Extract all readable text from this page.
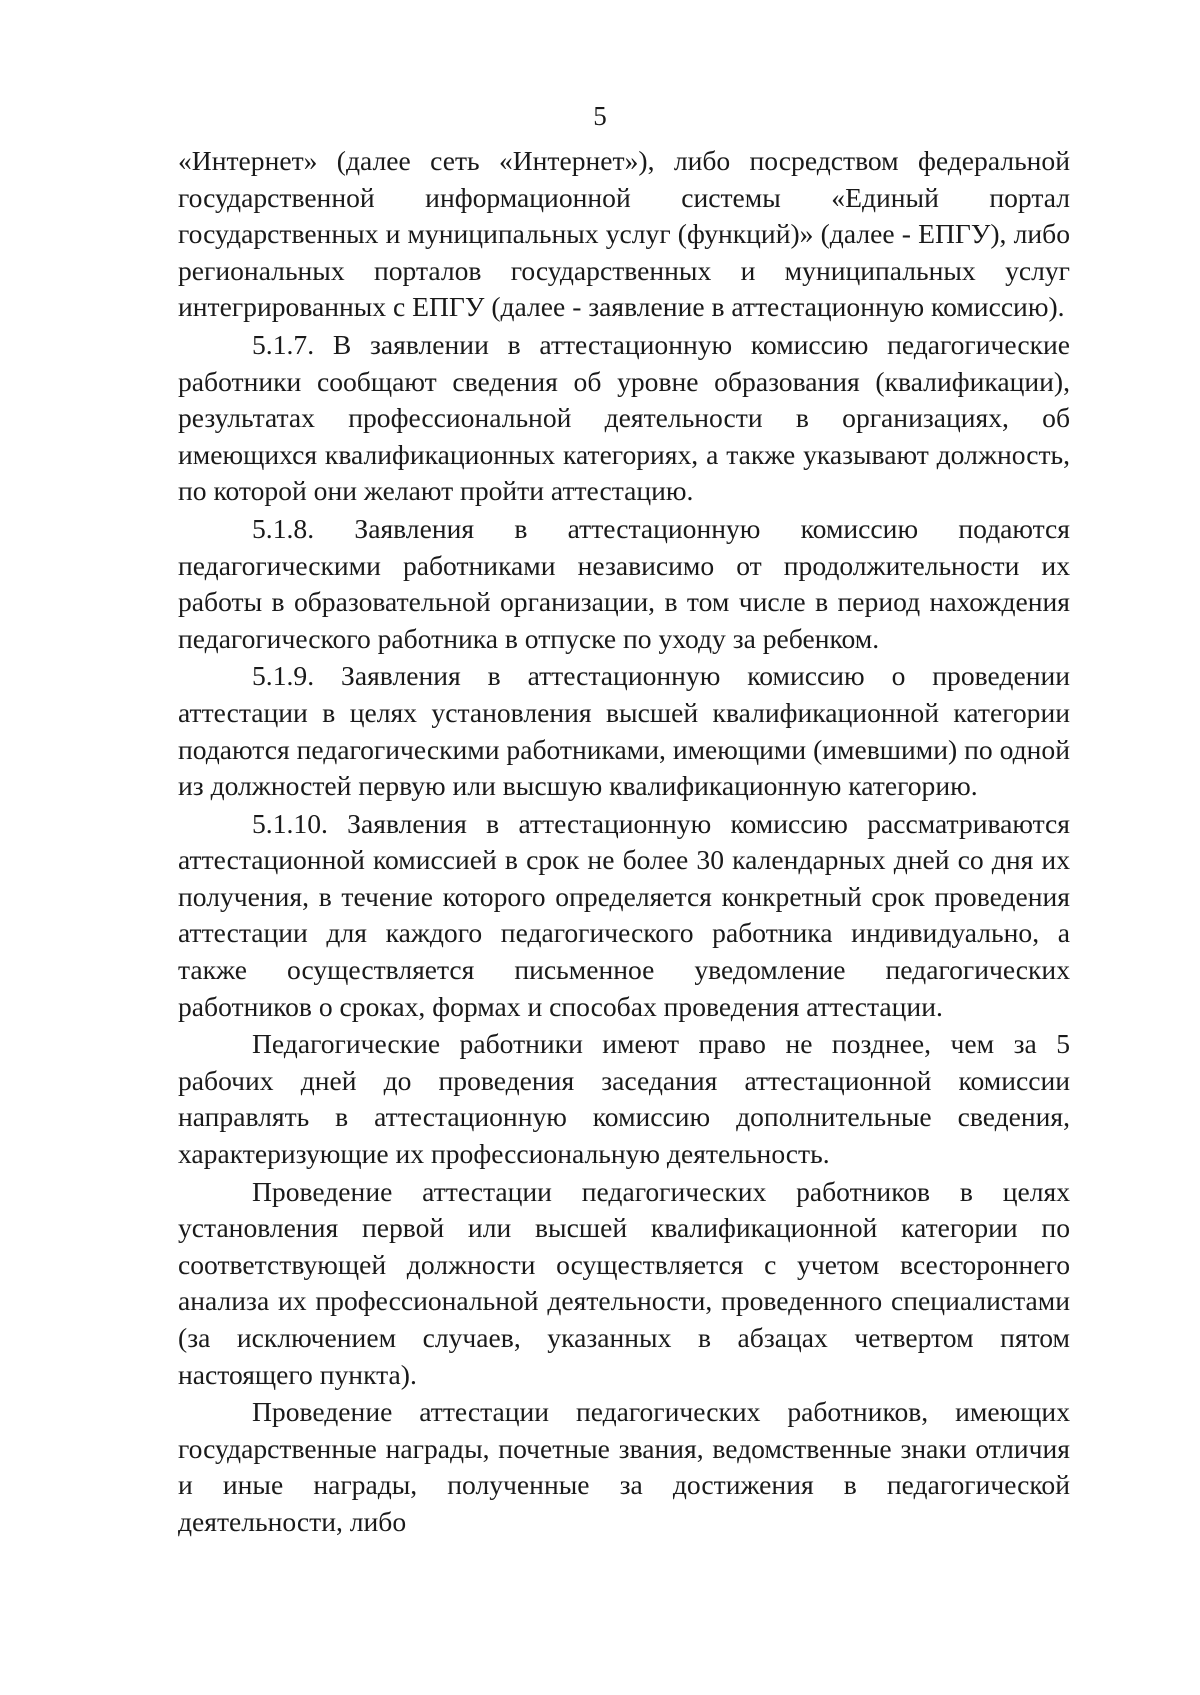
5

«Интернет» (далее сеть «Интернет»), либо посредством федеральной государственной информационной системы «Единый портал государственных и муниципальных услуг (функций)» (далее - ЕПГУ), либо региональных порталов государственных и муниципальных услуг интегрированных с ЕПГУ (далее - заявление в аттестационную комиссию).

5.1.7. В заявлении в аттестационную комиссию педагогические работники сообщают сведения об уровне образования (квалификации), результатах профессиональной деятельности в организациях, об имеющихся квалификационных категориях, а также указывают должность, по которой они желают пройти аттестацию.

5.1.8. Заявления в аттестационную комиссию подаются педагогическими работниками независимо от продолжительности их работы в образовательной организации, в том числе в период нахождения педагогического работника в отпуске по уходу за ребенком.

5.1.9. Заявления в аттестационную комиссию о проведении аттестации в целях установления высшей квалификационной категории подаются педагогическими работниками, имеющими (имевшими) по одной из должностей первую или высшую квалификационную категорию.

5.1.10. Заявления в аттестационную комиссию рассматриваются аттестационной комиссией в срок не более 30 календарных дней со дня их получения, в течение которого определяется конкретный срок проведения аттестации для каждого педагогического работника индивидуально, а также осуществляется письменное уведомление педагогических работников о сроках, формах и способах проведения аттестации.

Педагогические работники имеют право не позднее, чем за 5 рабочих дней до проведения заседания аттестационной комиссии направлять в аттестационную комиссию дополнительные сведения, характеризующие их профессиональную деятельность.

Проведение аттестации педагогических работников в целях установления первой или высшей квалификационной категории по соответствующей должности осуществляется с учетом всестороннего анализа их профессиональной деятельности, проведенного специалистами (за исключением случаев, указанных в абзацах четвертом пятом настоящего пункта).

Проведение аттестации педагогических работников, имеющих государственные награды, почетные звания, ведомственные знаки отличия и иные награды, полученные за достижения в педагогической деятельности, либо
